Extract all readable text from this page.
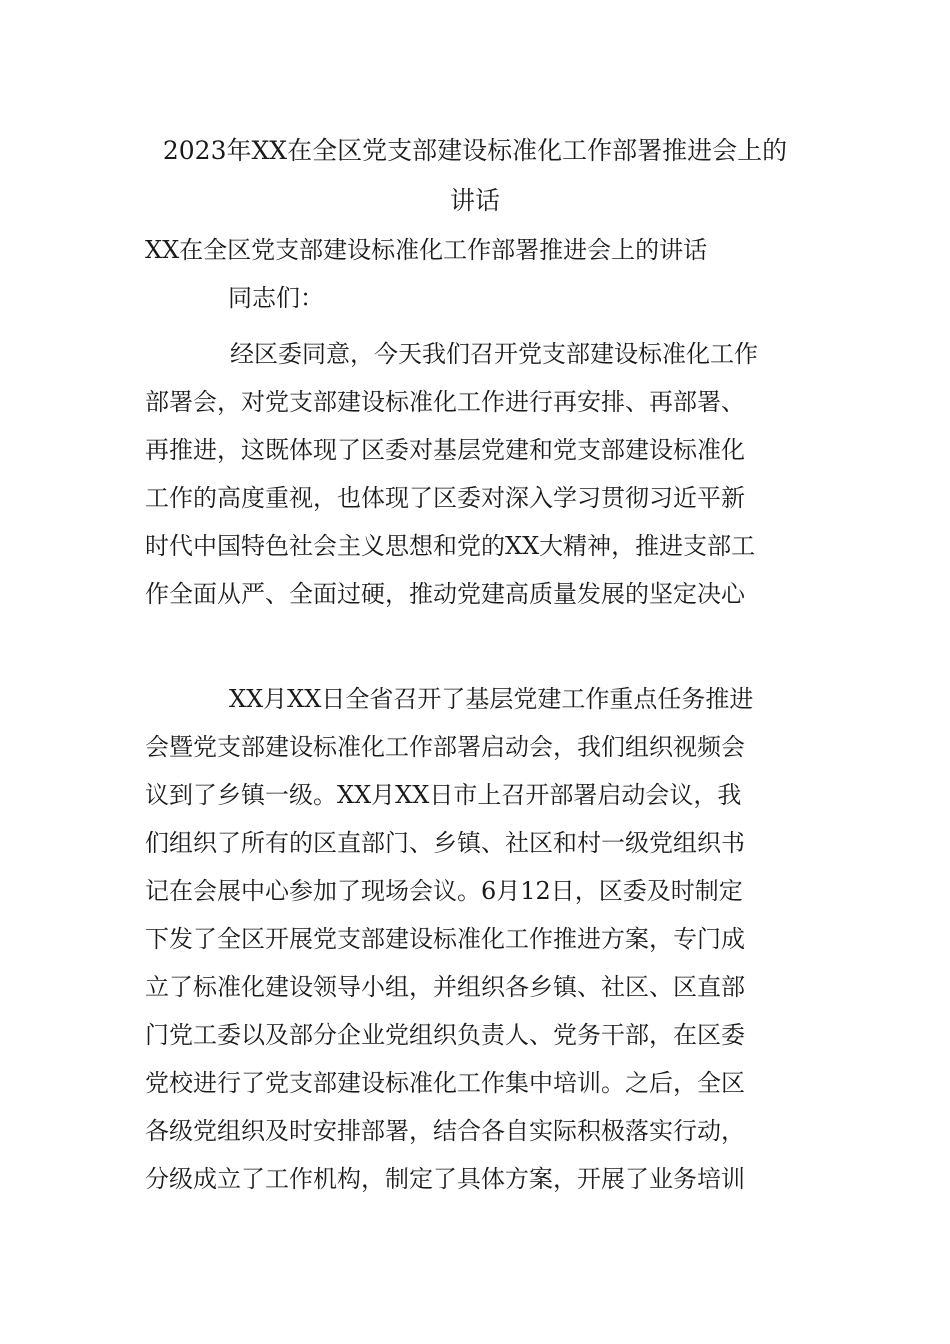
2023年XX在全区党支部建设标准化工作部署推进会上的
讲话
XX在全区党支部建设标准化工作部署推进会上的讲话
同志们：
经区委同意，今天我们召开党支部建设标准化工作
部署会，对党支部建设标准化工作进行再安排、再部署、
再推进，这既体现了区委对基层党建和党支部建设标准化
工作的高度重视，也体现了区委对深入学习贯彻习近平新
时代中国特色社会主义思想和党的XX大精神，推进支部工
作全面从严、全面过硬，推动党建高质量发展的坚定决心
XX月XX日全省召开了基层党建工作重点任务推进
会暨党支部建设标准化工作部署启动会，我们组织视频会
议到了乡镇一级。XX月XX日市上召开部署启动会议，我
们组织了所有的区直部门、乡镇、社区和村一级党组织书
记在会展中心参加了现场会议。6月12日，区委及时制定
下发了全区开展党支部建设标准化工作推进方案，专门成
立了标准化建设领导小组，并组织各乡镇、社区、区直部
门党工委以及部分企业党组织负责人、党务干部，在区委
党校进行了党支部建设标准化工作集中培训。之后，全区
各级党组织及时安排部署，结合各自实际积极落实行动，
分级成立了工作机构，制定了具体方案，开展了业务培训
